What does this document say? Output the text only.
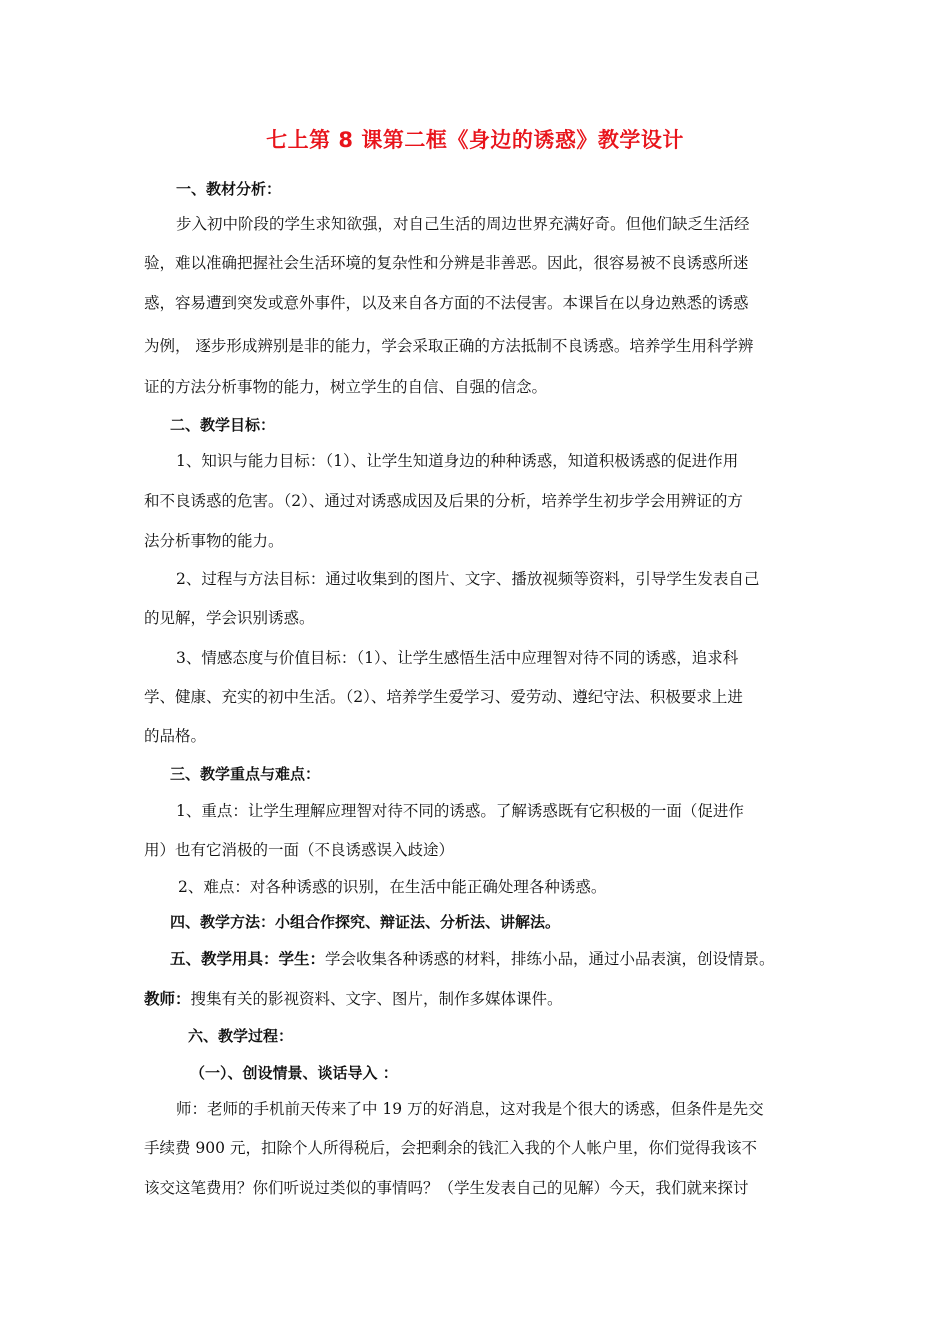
七上第 8 课第二框《身边的诱惑》教学设计
一、教材分析：
步入初中阶段的学生求知欲强，对自己生活的周边世界充满好奇。但他们缺乏生活经
验，难以准确把握社会生活环境的复杂性和分辨是非善恶。因此，很容易被不良诱惑所迷
惑，容易遭到突发或意外事件，以及来自各方面的不法侵害。本课旨在以身边熟悉的诱惑
为例， 逐步形成辨别是非的能力，学会采取正确的方法抵制不良诱惑。培养学生用科学辨
证的方法分析事物的能力，树立学生的自信、自强的信念。
二、教学目标：
1、知识与能力目标：（1）、让学生知道身边的种种诱惑，知道积极诱惑的促进作用
和不良诱惑的危害。（2）、通过对诱惑成因及后果的分析，培养学生初步学会用辨证的方
法分析事物的能力。
2、过程与方法目标：通过收集到的图片、文字、播放视频等资料，引导学生发表自己
的见解，学会识别诱惑。
3、情感态度与价值目标：（1）、让学生感悟生活中应理智对待不同的诱惑，追求科
学、健康、充实的初中生活。（2）、培养学生爱学习、爱劳动、遵纪守法、积极要求上进
的品格。
三、教学重点与难点：
1、重点：让学生理解应理智对待不同的诱惑。了解诱惑既有它积极的一面（促进作
用）也有它消极的一面（不良诱惑误入歧途）
2、难点：对各种诱惑的识别，在生活中能正确处理各种诱惑。
四、教学方法：小组合作探究、辩证法、分析法、讲解法。
五、教学用具：学生：学会收集各种诱惑的材料，排练小品，通过小品表演，创设情景。
教师：搜集有关的影视资料、文字、图片，制作多媒体课件。
六、教学过程：
（一）、创设情景、谈话导入 ：
师：老师的手机前天传来了中 19 万的好消息，这对我是个很大的诱惑，但条件是先交
手续费 900 元，扣除个人所得税后，会把剩余的钱汇入我的个人帐户里，你们觉得我该不
该交这笔费用？你们听说过类似的事情吗？（学生发表自己的见解）今天，我们就来探讨
